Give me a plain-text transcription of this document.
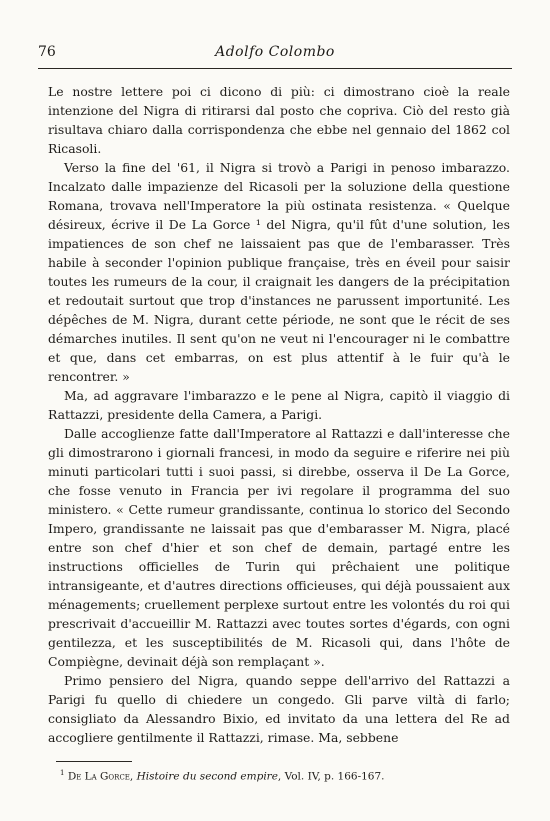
76	Adolfo Colombo

Le nostre lettere poi ci dicono di più: ci dimostrano cioè la reale intenzione del Nigra di ritirarsi dal posto che copriva. Ciò del resto già risultava chiaro dalla corrispondenza che ebbe nel gennaio del 1862 col Ricasoli.

Verso la fine del '61, il Nigra si trovò a Parigi in penoso imbarazzo. Incalzato dalle impazienze del Ricasoli per la soluzione della questione Romana, trovava nell'Imperatore la più ostinata resistenza. « Quelque désireux, écrive il De La Gorce ¹ del Nigra, qu'il fût d'une solution, les impatiences de son chef ne laissaient pas que de l'embarasser. Très habile à seconder l'opinion publique française, très en éveil pour saisir toutes les rumeurs de la cour, il craignait les dangers de la précipitation et redoutait surtout que trop d'instances ne parussent importunité. Les dépêches de M. Nigra, durant cette période, ne sont que le récit de ses démarches inutiles. Il sent qu'on ne veut ni l'encourager ni le combattre et que, dans cet embarras, on est plus attentif à le fuir qu'à le rencontrer. »

Ma, ad aggravare l'imbarazzo e le pene al Nigra, capitò il viaggio di Rattazzi, presidente della Camera, a Parigi.

Dalle accoglienze fatte dall'Imperatore al Rattazzi e dall'interesse che gli dimostrarono i giornali francesi, in modo da seguire e riferire nei più minuti particolari tutti i suoi passi, si direbbe, osserva il De La Gorce, che fosse venuto in Francia per ivi regolare il programma del suo ministero. « Cette rumeur grandissante, continua lo storico del Secondo Impero, grandissante ne laissait pas que d'embarasser M. Nigra, placé entre son chef d'hier et son chef de demain, partagé entre les instructions officielles de Turin qui prêchaient une politique intransigeante, et d'autres directions officieuses, qui déjà poussaient aux ménagements; cruellement perplexe surtout entre les volontés du roi qui prescrivait d'accueillir M. Rattazzi avec toutes sortes d'égards, con ogni gentilezza, et les susceptibilités de M. Ricasoli qui, dans l'hôte de Compiègne, devinait déjà son remplaçant ».

Primo pensiero del Nigra, quando seppe dell'arrivo del Rattazzi a Parigi fu quello di chiedere un congedo. Gli parve viltà di farlo; consigliato da Alessandro Bixio, ed invitato da una lettera del Re ad accogliere gentilmente il Rattazzi, rimase. Ma, sebbene

$^1$ De La Gorce, Histoire du second empire, Vol. IV, p. 166-167.
